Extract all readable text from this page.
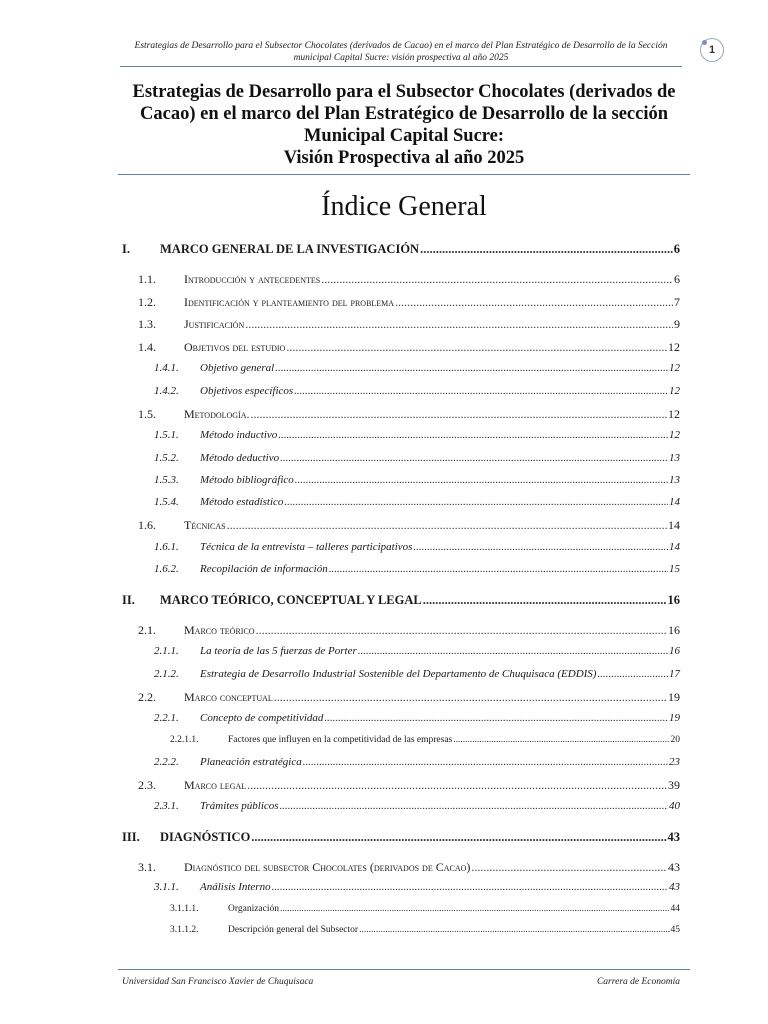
Estrategias de Desarrollo para el Subsector Chocolates (derivados de Cacao) en el marco del Plan Estratégico de Desarrollo de la Sección municipal Capital Sucre: visión prospectiva al año 2025
1
Estrategias de Desarrollo para el Subsector Chocolates (derivados de
Cacao) en el marco del Plan Estratégico de Desarrollo de la sección
Municipal Capital Sucre:
Visión Prospectiva al año 2025
Índice General
I.	MARCO GENERAL DE LA INVESTIGACIÓN .....	6
1.1.	Introducción y antecedentes .....	6
1.2.	Identificación y planteamiento del problema .....	7
1.3.	Justificación .....	9
1.4.	Objetivos del estudio .....	12
1.4.1.	Objetivo general .....	12
1.4.2.	Objetivos específicos .....	12
1.5.	Metodología. .....	12
1.5.1.	Método inductivo .....	12
1.5.2.	Método deductivo .....	13
1.5.3.	Método bibliográfico .....	13
1.5.4.	Método estadístico .....	14
1.6.	Técnicas .....	14
1.6.1.	Técnica de la entrevista – talleres participativos .....	14
1.6.2.	Recopilación de información .....	15
II.	MARCO TEÓRICO, CONCEPTUAL Y LEGAL .....	16
2.1.	Marco teórico .....	16
2.1.1.	La teoría de las 5 fuerzas de Porter .....	16
2.1.2.	Estrategia de Desarrollo Industrial Sostenible del Departamento de Chuquisaca (EDDIS) .....	17
2.2.	Marco conceptual .....	19
2.2.1.	Concepto de competitividad .....	19
2.2.1.1.	Factores que influyen en la competitividad de las empresas .....	20
2.2.2.	Planeación estratégica .....	23
2.3.	Marco legal .....	39
2.3.1.	Trámites públicos .....	40
III.	DIAGNÓSTICO .....	43
3.1.	Diagnóstico del subsector Chocolates (derivados de Cacao) .....	43
3.1.1.	Análisis Interno .....	43
3.1.1.1.	Organización .....	44
3.1.1.2.	Descripción general del Subsector .....	45
Universidad San Francisco Xavier de Chuquisaca	Carrera de Economía
